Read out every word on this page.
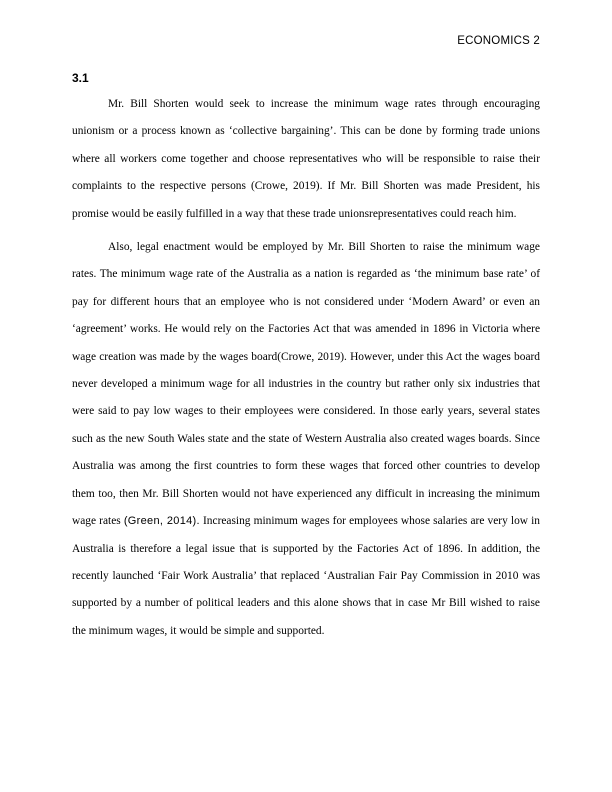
ECONOMICS 2
3.1

Mr. Bill Shorten would seek to increase the minimum wage rates through encouraging unionism or a process known as ‘collective bargaining’. This can be done by forming trade unions where all workers come together and choose representatives who will be responsible to raise their complaints to the respective persons (Crowe, 2019). If Mr. Bill Shorten was made President, his promise would be easily fulfilled in a way that these trade unionsrepresentatives could reach him.

Also, legal enactment would be employed by Mr. Bill Shorten to raise the minimum wage rates. The minimum wage rate of the Australia as a nation is regarded as ‘the minimum base rate’ of pay for different hours that an employee who is not considered under ‘Modern Award’ or even an ‘agreement’ works. He would rely on the Factories Act that was amended in 1896 in Victoria where wage creation was made by the wages board(Crowe, 2019). However, under this Act the wages board never developed a minimum wage for all industries in the country but rather only six industries that were said to pay low wages to their employees were considered. In those early years, several states such as the new South Wales state and the state of Western Australia also created wages boards. Since Australia was among the first countries to form these wages that forced other countries to develop them too, then Mr. Bill Shorten would not have experienced any difficult in increasing the minimum wage rates (Green, 2014). Increasing minimum wages for employees whose salaries are very low in Australia is therefore a legal issue that is supported by the Factories Act of 1896. In addition, the recently launched ‘Fair Work Australia’ that replaced ‘Australian Fair Pay Commission in 2010 was supported by a number of political leaders and this alone shows that in case Mr Bill wished to raise the minimum wages, it would be simple and supported.
